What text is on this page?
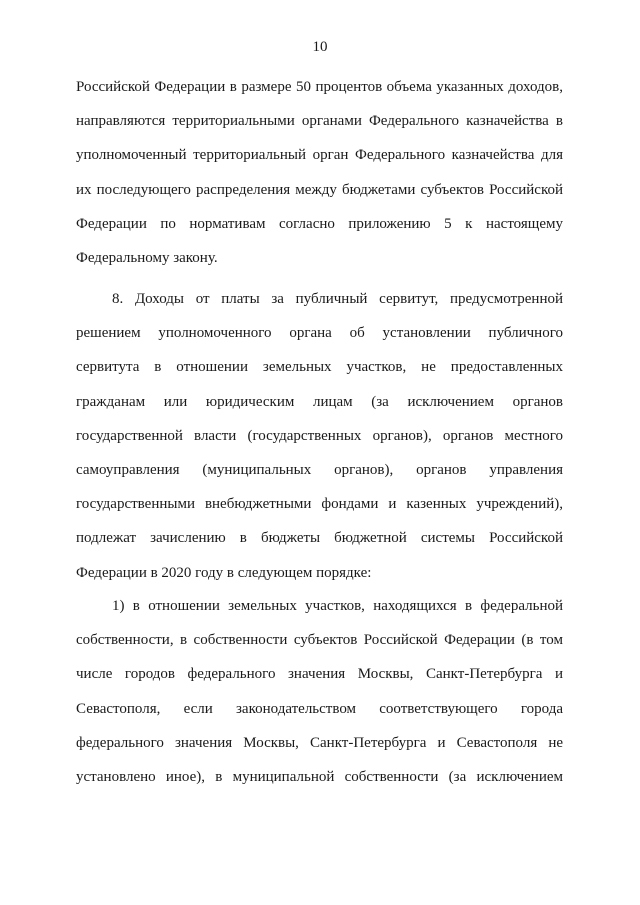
10
Российской Федерации в размере 50 процентов объема указанных доходов,
направляются территориальными органами Федерального казначейства в
уполномоченный территориальный орган Федерального казначейства для
их последующего распределения между бюджетами субъектов Российской
Федерации по нормативам согласно приложению 5 к настоящему
Федеральному закону.
8. Доходы от платы за публичный сервитут, предусмотренной
решением уполномоченного органа об установлении публичного
сервитута в отношении земельных участков, не предоставленных
гражданам или юридическим лицам (за исключением органов
государственной власти (государственных органов), органов местного
самоуправления (муниципальных органов), органов управления
государственными внебюджетными фондами и казенных учреждений),
подлежат зачислению в бюджеты бюджетной системы Российской
Федерации в 2020 году в следующем порядке:
1) в отношении земельных участков, находящихся в федеральной
собственности, в собственности субъектов Российской Федерации (в том
числе городов федерального значения Москвы, Санкт-Петербурга и
Севастополя, если законодательством соответствующего города
федерального значения Москвы, Санкт-Петербурга и Севастополя не
установлено иное), в муниципальной собственности (за исключением
